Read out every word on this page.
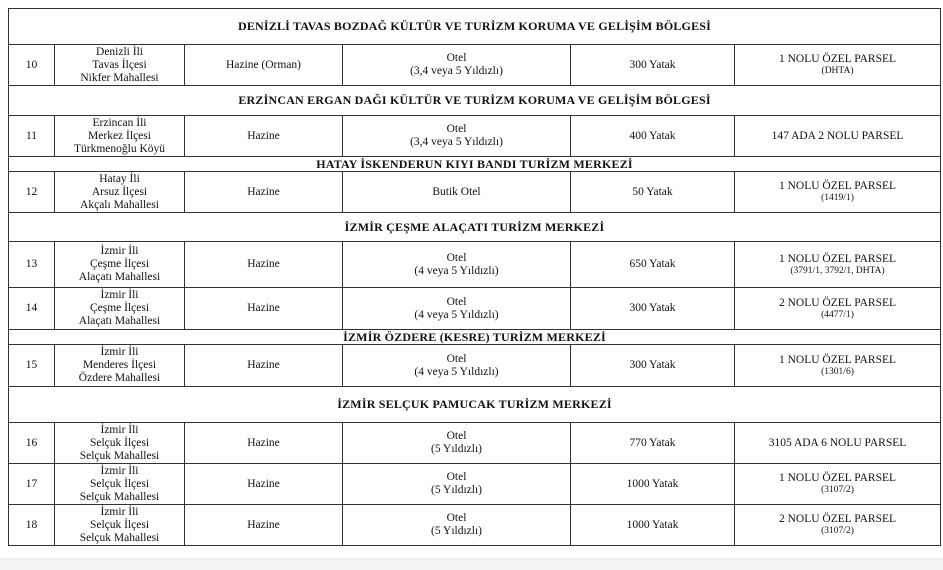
DENİZLİ TAVAS BOZDAĞ KÜLTÜR VE TURİZM KORUMA VE GELİŞİM BÖLGESİ					
10	Denizli İli
Tavas İlçesi
Nikfer Mahallesi	Hazine (Orman)	Otel
(3,4 veya 5 Yıldızlı)	300 Yatak	1 NOLU ÖZEL PARSEL
(DHTA)

ERZİNCAN ERGAN DAĞI KÜLTÜR VE TURİZM KORUMA VE GELİŞİM BÖLGESİ					
11	Erzincan İli
Merkez İlçesi
Türkmenoğlu Köyü	Hazine	Otel
(3,4 veya 5 Yıldızlı)	400 Yatak	147 ADA 2 NOLU PARSEL

HATAY İSKENDERUN KIYI BANDI TURİZM MERKEZİ					
12	Hatay İli
Arsuz İlçesi
Akçalı Mahallesi	Hazine	Butik Otel	50 Yatak	1 NOLU ÖZEL PARSEL
(1419/1)

İZMİR ÇEŞME ALAÇATI TURİZM MERKEZİ					
13	İzmir İli
Çeşme İlçesi
Alaçatı Mahallesi	Hazine	Otel
(4 veya 5 Yıldızlı)	650 Yatak	1 NOLU ÖZEL PARSEL
(3791/1, 3792/1, DHTA)

14	İzmir İli
Çeşme İlçesi
Alaçatı Mahallesi	Hazine	Otel
(4 veya 5 Yıldızlı)	300 Yatak	2 NOLU ÖZEL PARSEL
(4477/1)

İZMİR ÖZDERE (KESRE) TURİZM MERKEZİ					
15	İzmir İli
Menderes İlçesi
Özdere Mahallesi	Hazine	Otel
(4 veya 5 Yıldızlı)	300 Yatak	1 NOLU ÖZEL PARSEL
(1301/6)

İZMİR SELÇUK PAMUCAK TURİZM MERKEZİ					
16	İzmir İli
Selçuk İlçesi
Selçuk Mahallesi	Hazine	Otel
(5 Yıldızlı)	770 Yatak	3105 ADA 6 NOLU PARSEL

17	İzmir İli
Selçuk İlçesi
Selçuk Mahallesi	Hazine	Otel
(5 Yıldızlı)	1000 Yatak	1 NOLU ÖZEL PARSEL
(3107/2)

18	İzmir İli
Selçuk İlçesi
Selçuk Mahallesi	Hazine	Otel
(5 Yıldızlı)	1000 Yatak	2 NOLU ÖZEL PARSEL
(3107/2)
